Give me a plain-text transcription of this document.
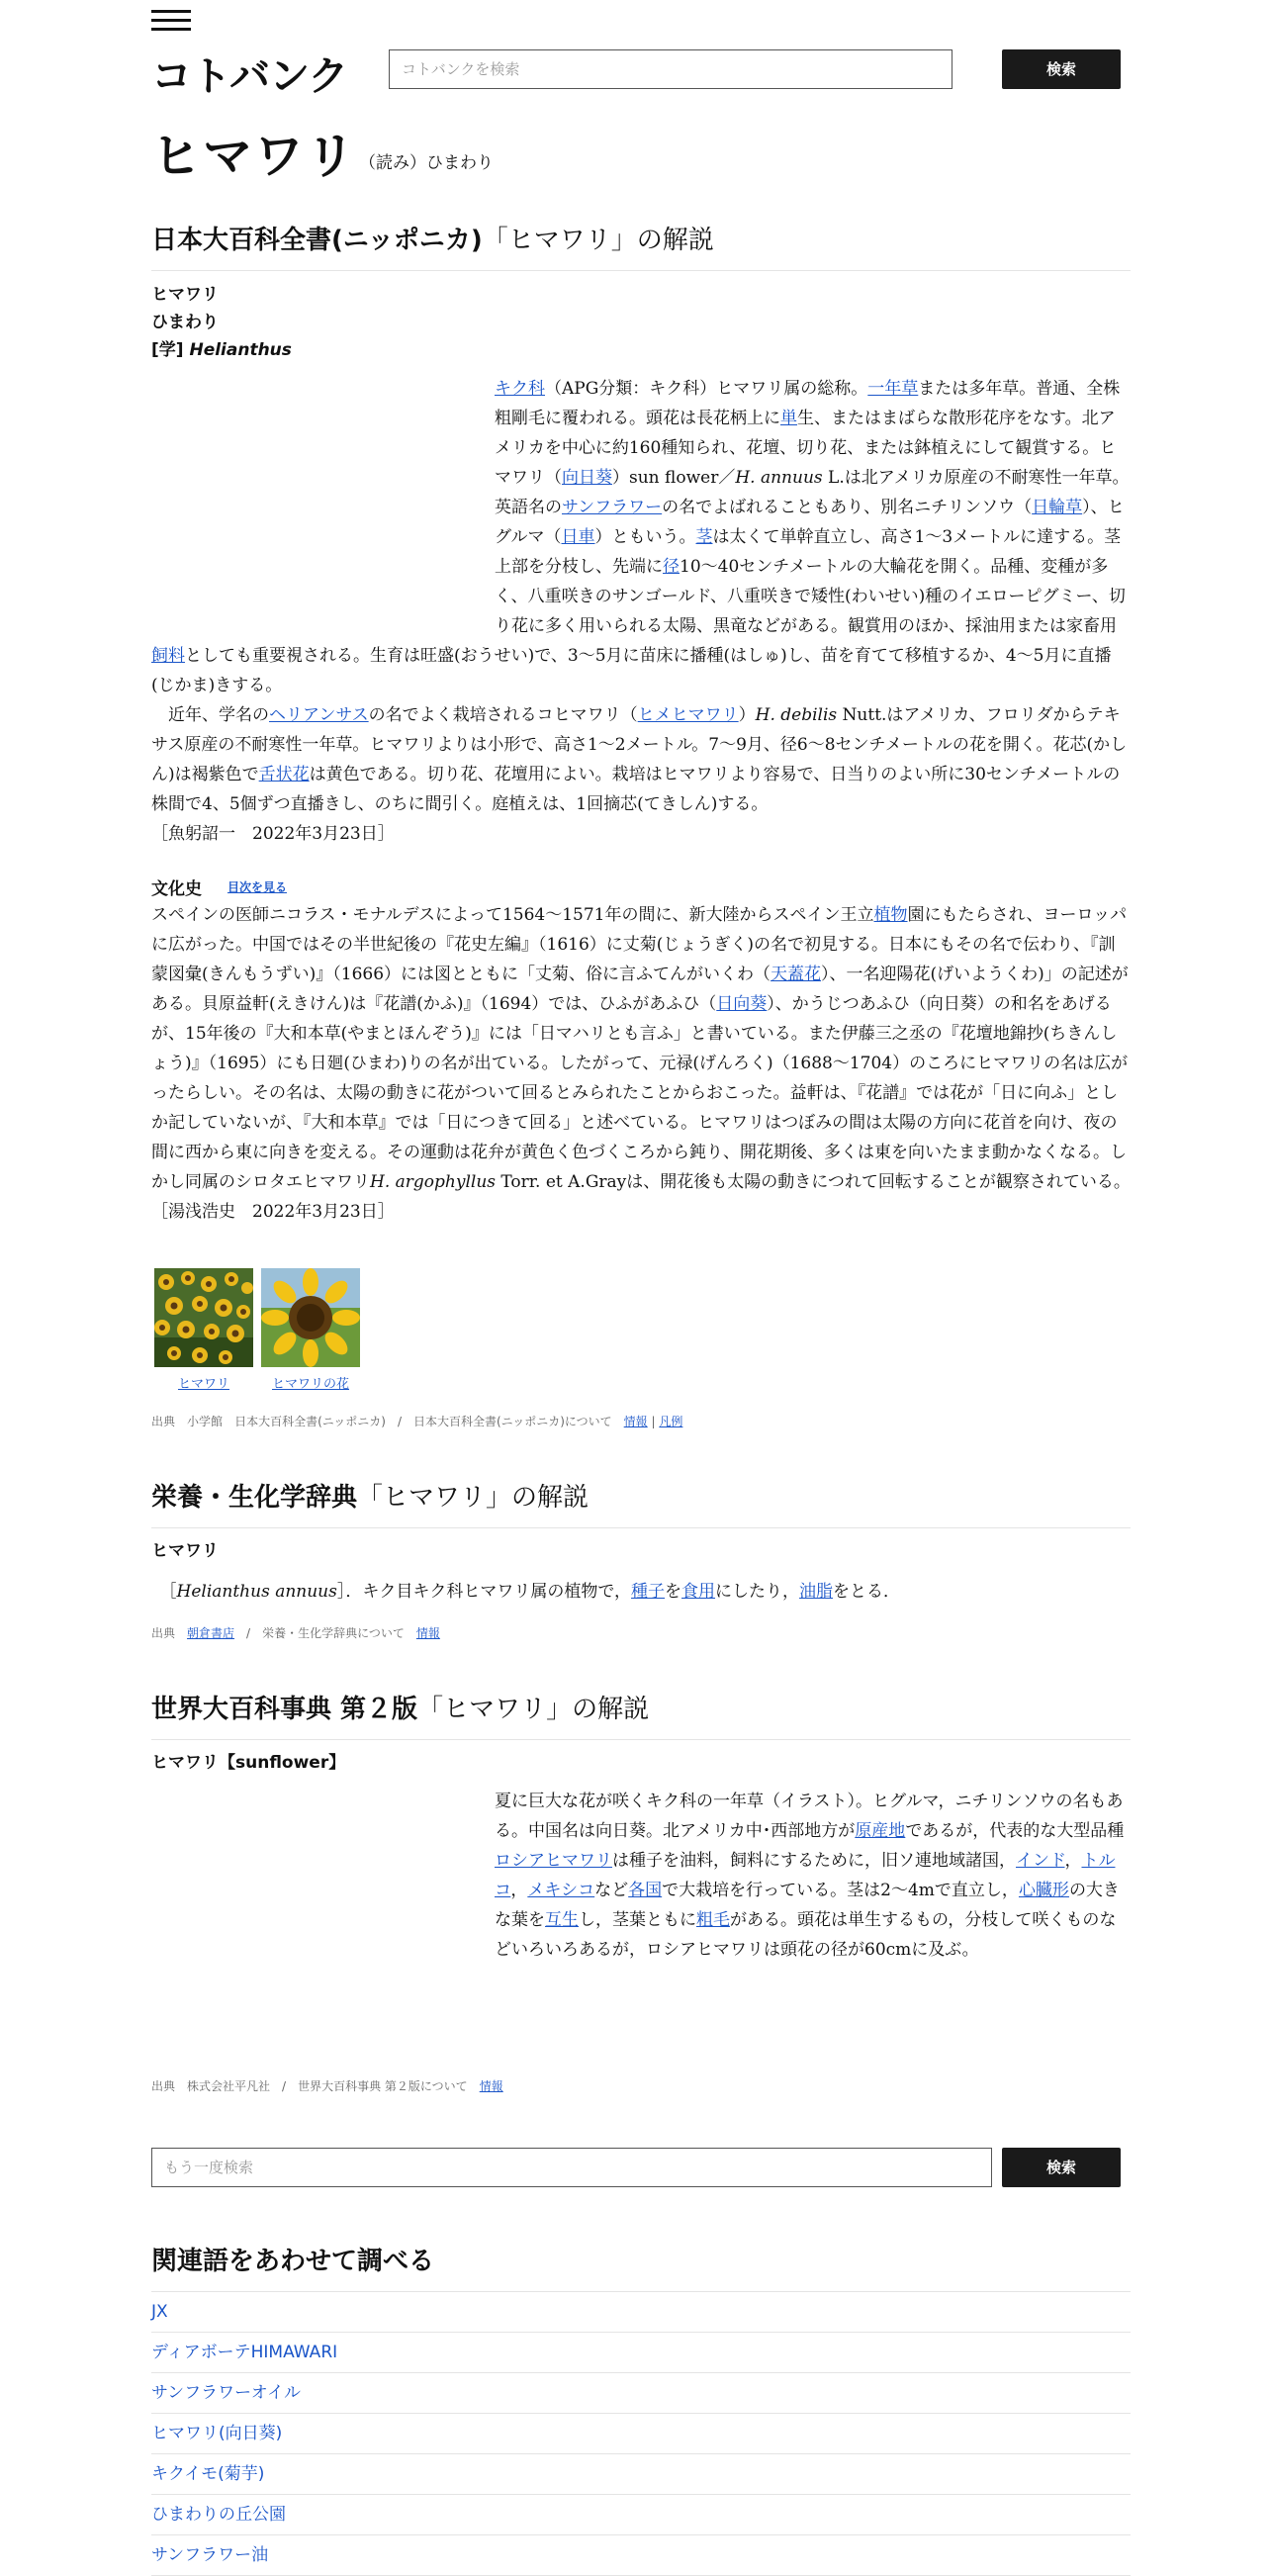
コトバンク	コトバンクを検索	検索
ヒマワリ （読み）ひまわり
日本大百科全書(ニッポニカ)「ヒマワリ」の解説
ヒマワリ
ひまわり
[学] Helianthus
キク科（APG分類：キク科）ヒマワリ属の総称。一年草または多年草。普通、全株粗剛毛に覆われる。頭花は長花柄上に単生、またはまばらな散形花序をなす。北アメリカを中心に約160種知られ、花壇、切り花、または鉢植えにして観賞する。ヒマワリ（向日葵）sun flower／H. annuus L.は北アメリカ原産の不耐寒性一年草。英語名のサンフラワーの名でよばれることもあり、別名ニチリンソウ（日輪草）、ヒグルマ（日車）ともいう。茎は太くて単幹直立し、高さ1～3メートルに達する。茎上部を分枝し、先端に径10～40センチメートルの大輪花を開く。品種、変種が多く、八重咲きのサンゴールド、八重咲きで矮性(わいせい)種のイエローピグミー、切り花に多く用いられる太陽、黒竜などがある。観賞用のほか、採油用または家畜用飼料としても重要視される。生育は旺盛(おうせい)で、3～5月に苗床に播種(はしゅ)し、苗を育てて移植するか、4～5月に直播(じかま)きする。
　近年、学名のヘリアンサスの名でよく栽培されるコヒマワリ（ヒメヒマワリ）H. debilis Nutt.はアメリカ、フロリダからテキサス原産の不耐寒性一年草。ヒマワリよりは小形で、高さ1～2メートル。7～9月、径6～8センチメートルの花を開く。花芯(かしん)は褐紫色で舌状花は黄色である。切り花、花壇用によい。栽培はヒマワリより容易で、日当りのよい所に30センチメートルの株間で4、5個ずつ直播きし、のちに間引く。庭植えは、1回摘芯(てきしん)する。
［魚躬詔一　2022年3月23日］
文化史 目次を見る
スペインの医師ニコラス・モナルデスによって1564～1571年の間に、新大陸からスペイン王立植物園にもたらされ、ヨーロッパに広がった。中国ではその半世紀後の『花史左編』（1616）に丈菊(じょうぎく)の名で初見する。日本にもその名で伝わり、『訓蒙図彙(きんもうずい)』（1666）には図とともに「丈菊、俗に言ふてんがいくわ（天蓋花）、一名迎陽花(げいようくわ)」の記述がある。貝原益軒(えきけん)は『花譜(かふ)』（1694）では、ひふがあふひ（日向葵）、かうじつあふひ（向日葵）の和名をあげるが、15年後の『大和本草(やまとほんぞう)』には「日マハリとも言ふ」と書いている。また伊藤三之丞の『花壇地錦抄(ちきんしょう)』（1695）にも日廻(ひまわ)りの名が出ている。したがって、元禄(げんろく)（1688～1704）のころにヒマワリの名は広がったらしい。その名は、太陽の動きに花がついて回るとみられたことからおこった。益軒は、『花譜』では花が「日に向ふ」とし か記していないが、『大和本草』では「日につきて回る」と述べている。ヒマワリはつぼみの間は太陽の方向に花首を向け、夜の間に西から東に向きを変える。その運動は花弁が黄色く色づくころから鈍り、開花期後、多くは東を向いたまま動かなくなる。しかし同属のシロタエヒマワリH. argophyllus Torr. et A.Grayは、開花後も太陽の動きにつれて回転することが観察されている。
［湯浅浩史　2022年3月23日］
ヒマワリ	ヒマワリの花
出典　 小学館　 日本大百科全書(ニッポニカ)　/　日本大百科全書(ニッポニカ)について　 情報 | 凡例
栄養・生化学辞典「ヒマワリ」の解説
ヒマワリ
　［Helianthus annuus］．キク目キク科ヒマワリ属の植物で，種子を食用にしたり，油脂をとる．
出典　 朝倉書店　/　栄養・生化学辞典について　 情報
世界大百科事典 第２版「ヒマワリ」の解説
ヒマワリ【sunflower】
夏に巨大な花が咲くキク科の一年草（イラスト）。ヒグルマ，ニチリンソウの名もある。中国名は向日葵。北アメリカ中･西部地方が原産地であるが，代表的な大型品種ロシアヒマワリは種子を油料，飼料にするために，旧ソ連地域諸国，インド，トルコ，メキシコなど各国で大栽培を行っている。茎は2～4mで直立し，心臓形の大きな葉を互生し，茎葉ともに粗毛がある。頭花は単生するもの，分枝して咲くものなどいろいろあるが，ロシアヒマワリは頭花の径が60cmに及ぶ。
出典　 株式会社平凡社　/　世界大百科事典 第２版について　 情報
もう一度検索	検索
関連語をあわせて調べる
JX
ディアボーテHIMAWARI
サンフラワーオイル
ヒマワリ(向日葵)
キクイモ(菊芋)
ひまわりの丘公園
サンフラワー油
